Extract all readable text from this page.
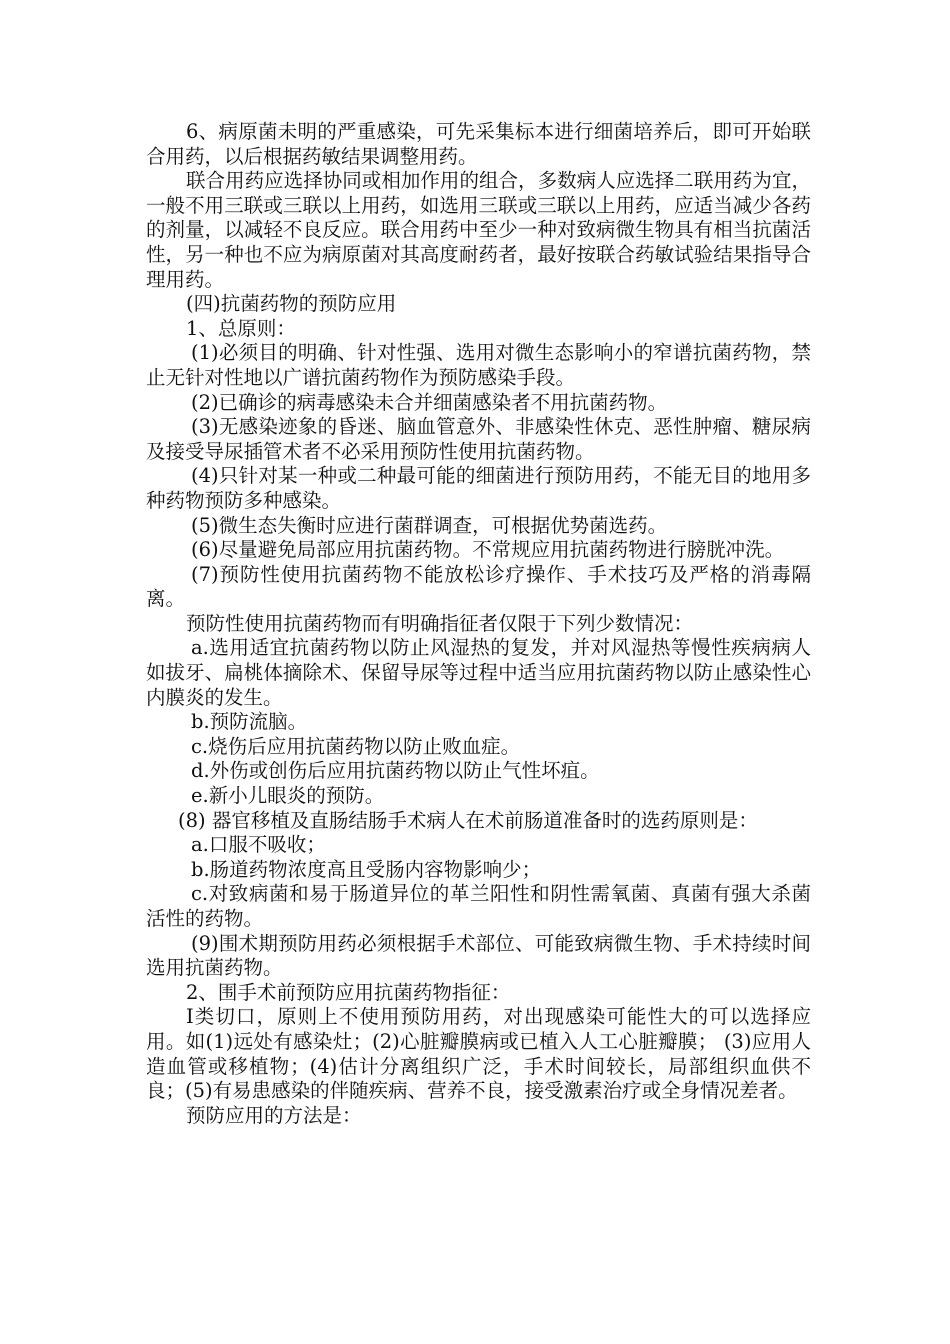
6、病原菌未明的严重感染，可先采集标本进行细菌培养后，即可开始联合用药，以后根据药敏结果调整用药。

联合用药应选择协同或相加作用的组合，多数病人应选择二联用药为宜，一般不用三联或三联以上用药，如选用三联或三联以上用药，应适当减少各药的剂量，以减轻不良反应。联合用药中至少一种对致病微生物具有相当抗菌活性，另一种也不应为病原菌对其高度耐药者，最好按联合药敏试验结果指导合理用药。

(四)抗菌药物的预防应用

1、总原则：

(1)必须目的明确、针对性强、选用对微生态影响小的窄谱抗菌药物，禁止无针对性地以广谱抗菌药物作为预防感染手段。

(2)已确诊的病毒感染未合并细菌感染者不用抗菌药物。

(3)无感染迹象的昏迷、脑血管意外、非感染性休克、恶性肿瘤、糖尿病及接受导尿插管术者不必采用预防性使用抗菌药物。

(4)只针对某一种或二种最可能的细菌进行预防用药，不能无目的地用多种药物预防多种感染。

(5)微生态失衡时应进行菌群调查，可根据优势菌选药。

(6)尽量避免局部应用抗菌药物。不常规应用抗菌药物进行膀胱冲洗。

(7)预防性使用抗菌药物不能放松诊疗操作、手术技巧及严格的消毒隔离。

预防性使用抗菌药物而有明确指征者仅限于下列少数情况：

a.选用适宜抗菌药物以防止风湿热的复发，并对风湿热等慢性疾病病人如拔牙、扁桃体摘除术、保留导尿等过程中适当应用抗菌药物以防止感染性心内膜炎的发生。

b.预防流脑。

c.烧伤后应用抗菌药物以防止败血症。

d.外伤或创伤后应用抗菌药物以防止气性坏疽。

e.新小儿眼炎的预防。

(8) 器官移植及直肠结肠手术病人在术前肠道准备时的选药原则是：

a.口服不吸收；

b.肠道药物浓度高且受肠内容物影响少；

c.对致病菌和易于肠道异位的革兰阳性和阴性需氧菌、真菌有强大杀菌活性的药物。

(9)围术期预防用药必须根据手术部位、可能致病微生物、手术持续时间选用抗菌药物。

2、围手术前预防应用抗菌药物指征：

Ⅰ类切口，原则上不使用预防用药，对出现感染可能性大的可以选择应用。如(1)远处有感染灶；(2)心脏瓣膜病或已植入人工心脏瓣膜； (3)应用人造血管或移植物；(4)估计分离组织广泛，手术时间较长，局部组织血供不良；(5)有易患感染的伴随疾病、营养不良，接受激素治疗或全身情况差者。

预防应用的方法是：
